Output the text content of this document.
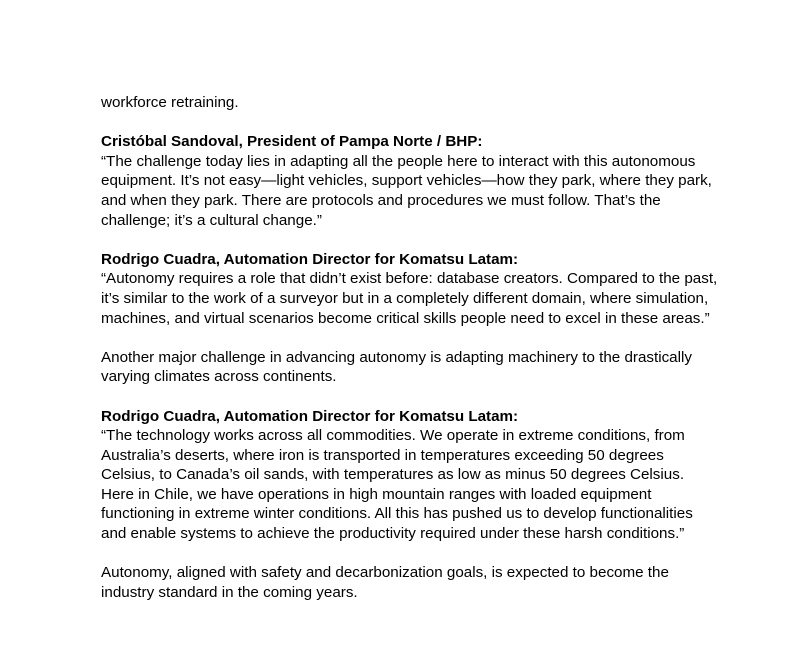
workforce retraining.

Cristóbal Sandoval, President of Pampa Norte / BHP:

“The challenge today lies in adapting all the people here to interact with this autonomous equipment. It’s not easy—light vehicles, support vehicles—how they park, where they park, and when they park. There are protocols and procedures we must follow. That’s the challenge; it’s a cultural change.”

Rodrigo Cuadra, Automation Director for Komatsu Latam:

“Autonomy requires a role that didn’t exist before: database creators. Compared to the past, it’s similar to the work of a surveyor but in a completely different domain, where simulation, machines, and virtual scenarios become critical skills people need to excel in these areas.”

Another major challenge in advancing autonomy is adapting machinery to the drastically varying climates across continents.

Rodrigo Cuadra, Automation Director for Komatsu Latam:

“The technology works across all commodities. We operate in extreme conditions, from Australia’s deserts, where iron is transported in temperatures exceeding 50 degrees Celsius, to Canada’s oil sands, with temperatures as low as minus 50 degrees Celsius. Here in Chile, we have operations in high mountain ranges with loaded equipment functioning in extreme winter conditions. All this has pushed us to develop functionalities and enable systems to achieve the productivity required under these harsh conditions.”

Autonomy, aligned with safety and decarbonization goals, is expected to become the industry standard in the coming years.
